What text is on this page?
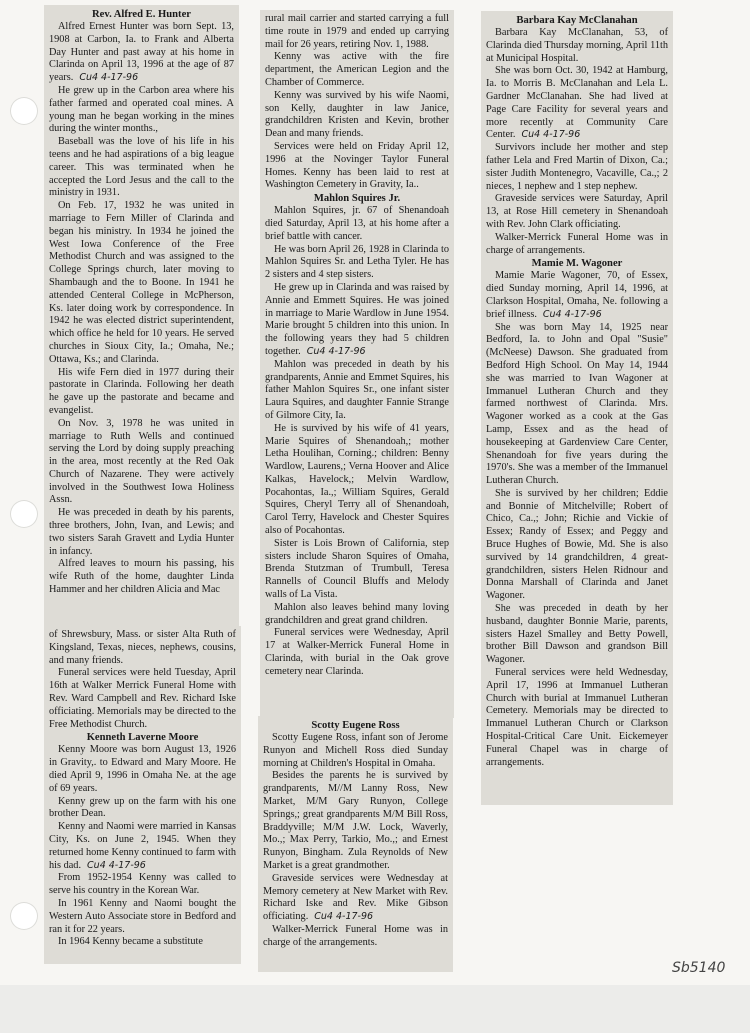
Rev. Alfred E. Hunter

Alfred Ernest Hunter was born Sept. 13, 1908 at Carbon, Ia. to Frank and Alberta Day Hunter and past away at his home in Clarinda on April 13, 1996 at the age of 87 years. Cu4 4-17-96

He grew up in the Carbon area where his father farmed and operated coal mines. A young man he began working in the mines during the winter months.,

Baseball was the love of his life in his teens and he had aspirations of a big league career. This was terminated when he accepted the Lord Jesus and the call to the ministry in 1931.

On Feb. 17, 1932 he was united in marriage to Fern Miller of Clarinda and began his ministry. In 1934 he joined the West Iowa Conference of the Free Methodist Church and was assigned to the College Springs church, later moving to Shambaugh and the to Boone. In 1941 he attended Centeral College in McPherson, Ks. later doing work by correspondence. In 1942 he was elected district superintendent, which office he held for 10 years. He served churches in Sioux City, Ia.; Omaha, Ne.; Ottawa, Ks.; and Clarinda.

His wife Fern died in 1977 during their pastorate in Clarinda. Following her death he gave up the pastorate and became and evangelist.

On Nov. 3, 1978 he was united in marriage to Ruth Wells and continued serving the Lord by doing supply preaching in the area, most recently at the Red Oak Church of Nazarene. They were actively involved in the Southwest Iowa Holiness Assn.

He was preceded in death by his parents, three brothers, John, Ivan, and Lewis; and two sisters Sarah Gravett and Lydia Hunter in infancy.

Alfred leaves to mourn his passing, his wife Ruth of the home, daughter Linda Hammer and her children Alicia and Mac

of Shrewsbury, Mass. or sister Alta Ruth of Kingsland, Texas, nieces, nephews, cousins, and many friends.

Funeral services were held Tuesday, April 16th at Walker Merrick Funeral Home with Rev. Ward Campbell and Rev. Richard Iske officiating. Memorials may be directed to the Free Methodist Church.

Kenneth Laverne Moore

Kenny Moore was born August 13, 1926 in Gravity,. to Edward and Mary Moore. He died April 9, 1996 in Omaha Ne. at the age of 69 years.

Kenny grew up on the farm with his one brother Dean.

Kenny and Naomi were married in Kansas City, Ks. on June 2, 1945. When they returned home Kenny continued to farm with his dad. Cu4 4-17-96

From 1952-1954 Kenny was called to serve his country in the Korean War.

In 1961 Kenny and Naomi bought the Western Auto Associate store in Bedford and ran it for 22 years.

In 1964 Kenny became a substitute

rural mail carrier and started carrying a full time route in 1979 and ended up carrying mail for 26 years, retiring Nov. 1, 1988.

Kenny was active with the fire department, the American Legion and the Chamber of Commerce.

Kenny was survived by his wife Naomi, son Kelly, daughter in law Janice, grandchildren Kristen and Kevin, brother Dean and many friends.

Services were held on Friday April 12, 1996 at the Novinger Taylor Funeral Homes. Kenny has been laid to rest at Washington Cemetery in Gravity, Ia..

Mahlon Squires Jr.

Mahlon Squires, jr. 67 of Shenandoah died Saturday, April 13, at his home after a brief battle with cancer.

He was born April 26, 1928 in Clarinda to Mahlon Squires Sr. and Letha Tyler. He has 2 sisters and 4 step sisters.

He grew up in Clarinda and was raised by Annie and Emmett Squires. He was joined in marriage to Marie Wardlow in June 1954. Marie brought 5 children into this union. In the following years they had 5 children together. Cu4 4-17-96

Mahlon was preceded in death by his grandparents, Annie and Emmet Squires, his father Mahlon Squires Sr., one infant sister Laura Squires, and daughter Fannie Strange of Gilmore City, Ia.

He is survived by his wife of 41 years, Marie Squires of Shenandoah,; mother Letha Houlihan, Corning.; children: Benny Wardlow, Laurens,; Verna Hoover and Alice Kalkas, Havelock,; Melvin Wardlow, Pocahontas, Ia.,; William Squires, Gerald Squires, Cheryl Terry all of Shenandoah, Carol Terry, Havelock and Chester Squires also of Pocahontas.

Sister is Lois Brown of California, step sisters include Sharon Squires of Omaha, Brenda Stutzman of Trumbull, Teresa Rannells of Council Bluffs and Melody walls of La Vista.

Mahlon also leaves behind many loving grandchildren and great grand children.

Funeral services were Wednesday, April 17 at Walker-Merrick Funeral Home in Clarinda, with burial in the Oak grove cemetery near Clarinda.

Scotty Eugene Ross

Scotty Eugene Ross, infant son of Jerome Runyon and Michell Ross died Sunday morning at Children's Hospital in Omaha.

Besides the parents he is survived by grandparents, M//M Lanny Ross, New Market, M/M Gary Runyon, College Springs,; great grandparents M/M Bill Ross, Braddyville; M/M J.W. Lock, Waverly, Mo.,; Max Perry, Tarkio, Mo.,; and Ernest Runyon, Bingham. Zula Reynolds of New Market is a great grandmother.

Graveside services were Wednesday at Memory cemetery at New Market with Rev. Richard Iske and Rev. Mike Gibson officiating. Cu4 4-17-96

Walker-Merrick Funeral Home was in charge of the arrangements.

Barbara Kay McClanahan

Barbara Kay McClanahan, 53, of Clarinda died Thursday morning, April 11th at Municipal Hospital.

She was born Oct. 30, 1942 at Hamburg, Ia. to Morris B. McClanahan and Lela L. Gardner McClanahan. She had lived at Page Care Facility for several years and more recently at Community Care Center. Cu4 4-17-96

Survivors include her mother and step father Lela and Fred Martin of Dixon, Ca.; sister Judith Montenegro, Vacaville, Ca.,; 2 nieces, 1 nephew and 1 step nephew.

Graveside services were Saturday, April 13, at Rose Hill cemetery in Shenandoah with Rev. John Clark officiating.

Walker-Merrick Funeral Home was in charge of arrangements.

Mamie M. Wagoner

Mamie Marie Wagoner, 70, of Essex, died Sunday morning, April 14, 1996, at Clarkson Hospital, Omaha, Ne. following a brief illness. Cu4 4-17-96

She was born May 14, 1925 near Bedford, Ia. to John and Opal "Susie" (McNeese) Dawson. She graduated from Bedford High School. On May 14, 1944 she was married to Ivan Wagoner at Immanuel Lutheran Church and they farmed northwest of Clarinda. Mrs. Wagoner worked as a cook at the Gas Lamp, Essex and as the head of housekeeping at Gardenview Care Center, Shenandoah for five years during the 1970's. She was a member of the Immanuel Lutheran Church.

She is survived by her children; Eddie and Bonnie of Mitchelville; Robert of Chico, Ca.,; John; Richie and Vickie of Essex; Randy of Essex; and Peggy and Bruce Hughes of Bowie, Md. She is also survived by 14 grandchildren, 4 great-grandchildren, sisters Helen Ridnour and Donna Marshall of Clarinda and Janet Wagoner.

She was preceded in death by her husband, daughter Bonnie Marie, parents, sisters Hazel Smalley and Betty Powell, brother Bill Dawson and grandson Bill Wagoner.

Funeral services were held Wednesday, April 17, 1996 at Immanuel Lutheran Church with burial at Immanuel Lutheran Cemetery. Memorials may be directed to Immanuel Lutheran Church or Clarkson Hospital-Critical Care Unit. Eickemeyer Funeral Chapel was in charge of arrangements.

Sb5140
